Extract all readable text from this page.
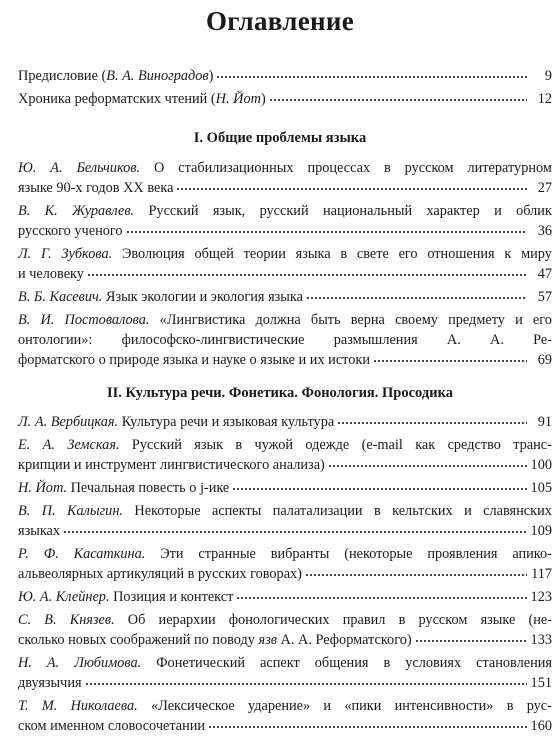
Оглавление
Предисловие (В. А. Виноградов)	9
Хроника реформатских чтений (Н. Йот)	12
I. Общие проблемы языка
Ю. А. Бельчиков. О стабилизационных процессах в русском литературном
языке 90-х годов XX века	27
В. К. Журавлев. Русский язык, русский национальный характер и облик
русского ученого	36
Л. Г. Зубкова. Эволюция общей теории языка в свете его отношения к миру
и человеку	47
В. Б. Касевич. Язык экологии и экология языка	57
В. И. Постовалова. «Лингвистика должна быть верна своему предмету и его
онтологии»: философско-лингвистические размышления А. А. Ре-
форматского о природе языка и науке о языке и их истоки	69
II. Культура речи. Фонетика. Фонология. Просодика
Л. А. Вербицкая. Культура речи и языковая культура	91
Е. А. Земская. Русский язык в чужой одежде (e-mail как средство транс-
крипции и инструмент лингвистического анализа)	100
Н. Йот. Печальная повесть о j-ике	105
В. П. Калыгин. Некоторые аспекты палатализации в кельтских и славянских
языках	109
Р. Ф. Касаткина. Эти странные вибранты (некоторые проявления апико-
альвеолярных артикуляций в русских говорах)	117
Ю. А. Клейнер. Позиция и контекст	123
С. В. Князев. Об иерархии фонологических правил в русском языке (не-
сколько новых соображений по поводу язв А. А. Реформатского)	133
Н. А. Любимова. Фонетический аспект общения в условиях становления
двуязычия	151
Т. М. Николаева. «Лексическое ударение» и «пики интенсивности» в рус-
ском именном словосочетании	160
